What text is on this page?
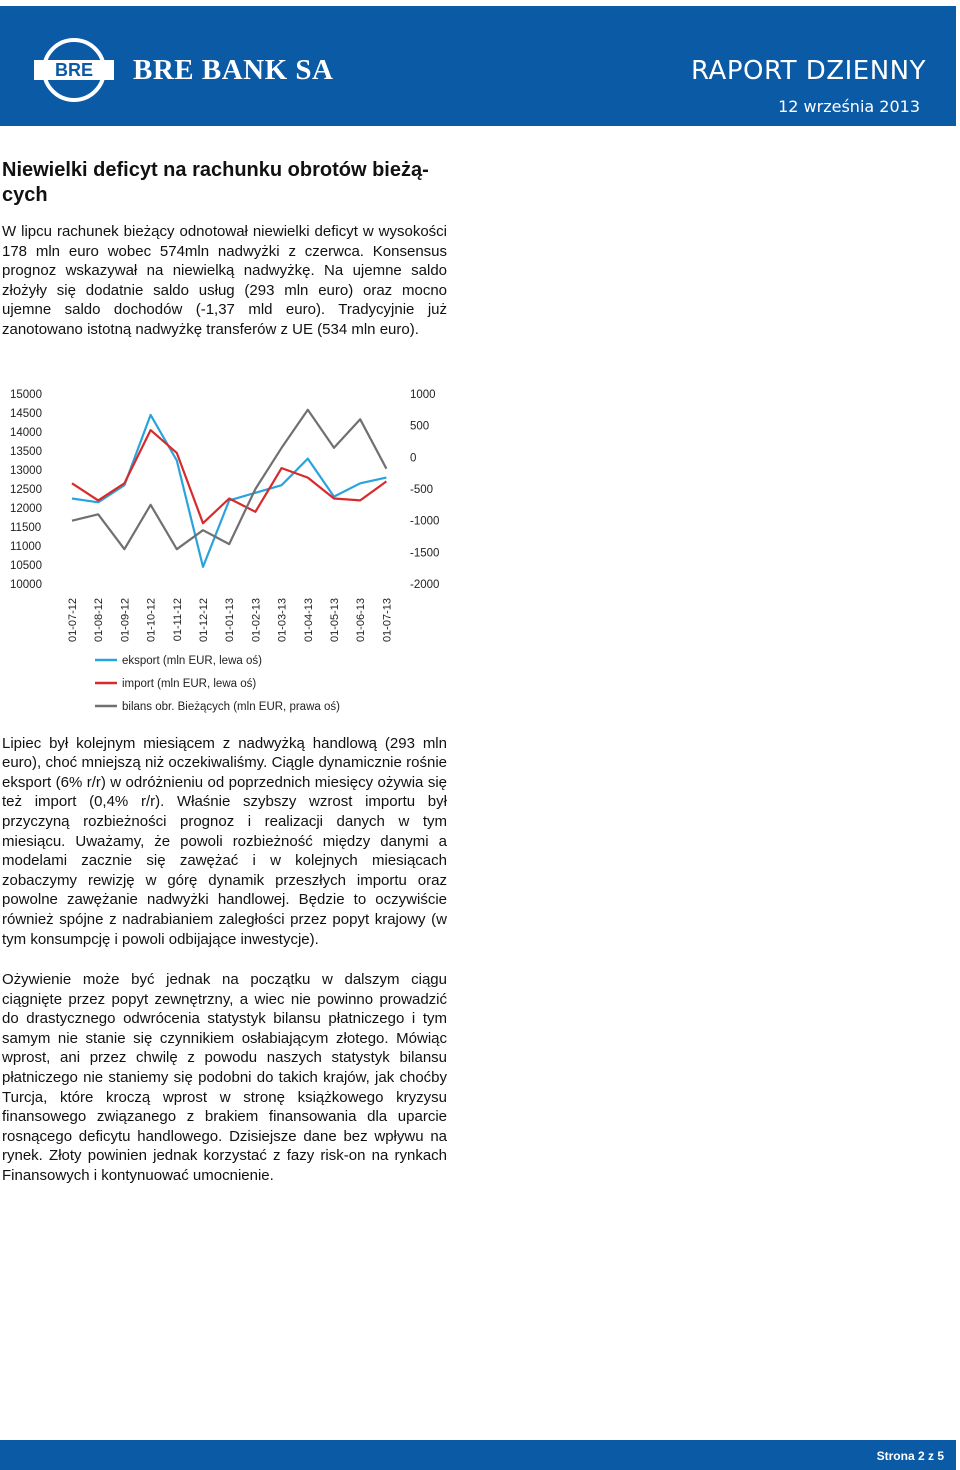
BRE BRE BANK SA	RAPORT DZIENNY
12 września 2013
Niewielki deficyt na rachunku obrotów bieżą-cych

W lipcu rachunek bieżący odnotował niewielki deficyt w wysokości 178 mln euro wobec 574mln nadwyżki z czerwca. Konsensus prognoz wskazywał na niewielką nadwyżkę. Na ujemne saldo złożyły się dodatnie saldo usług (293 mln euro) oraz mocno ujemne saldo dochodów (-1,37 mld euro). Tradycyjnie już zanotowano istotną nadwyżkę transferów z UE (534 mln euro).

Lipiec był kolejnym miesiącem z nadwyżką handlową (293 mln euro), choć mniejszą niż oczekiwaliśmy. Ciągle dynamicznie rośnie eksport (6% r/r) w odróżnieniu od poprzednich miesięcy ożywia się też import (0,4% r/r). Właśnie szybszy wzrost importu był przyczyną rozbieżności prognoz i realizacji danych w tym miesiącu. Uważamy, że powoli rozbieżność między danymi a modelami zacznie się zawężać i w kolejnych miesiącach zobaczymy rewizję w górę dynamik przeszłych importu oraz powolne zawężanie nadwyżki handlowej. Będzie to oczywiście również spójne z nadrabianiem zaległości przez popyt krajowy (w tym konsumpcję i powoli odbijające inwestycje).

Ożywienie może być jednak na początku w dalszym ciągu ciągnięte przez popyt zewnętrzny, a wiec nie powinno prowadzić do drastycznego odwrócenia statystyk bilansu płatniczego i tym samym nie stanie się czynnikiem osłabiającym złotego. Mówiąc wprost, ani przez chwilę z powodu naszych statystyk bilansu płatniczego nie staniemy się podobni do takich krajów, jak choćby Turcja, które kroczą wprost w stronę książkowego kryzysu finansowego związanego z brakiem finansowania dla uparcie rosnącego deficytu handlowego. Dzisiejsze dane bez wpływu na rynek. Złoty powinien jednak korzystać z fazy risk-on na rynkach Finansowych i kontynuować umocnienie.

15000
14500
14000
13500
13000
12500
12000
11500
11000
10500
10000
1000
500
0
-500
-1000
-1500
-2000
01-07-12 01-08-12 01-09-12 01-10-12 01-11-12 01-12-12 01-01-13 01-02-13 01-03-13 01-04-13 01-05-13 01-06-13 01-07-13
eksport (mln EUR, lewa oś)
import (mln EUR, lewa oś)
bilans obr. Bieżących (mln EUR, prawa oś)
Strona 2 z 5
